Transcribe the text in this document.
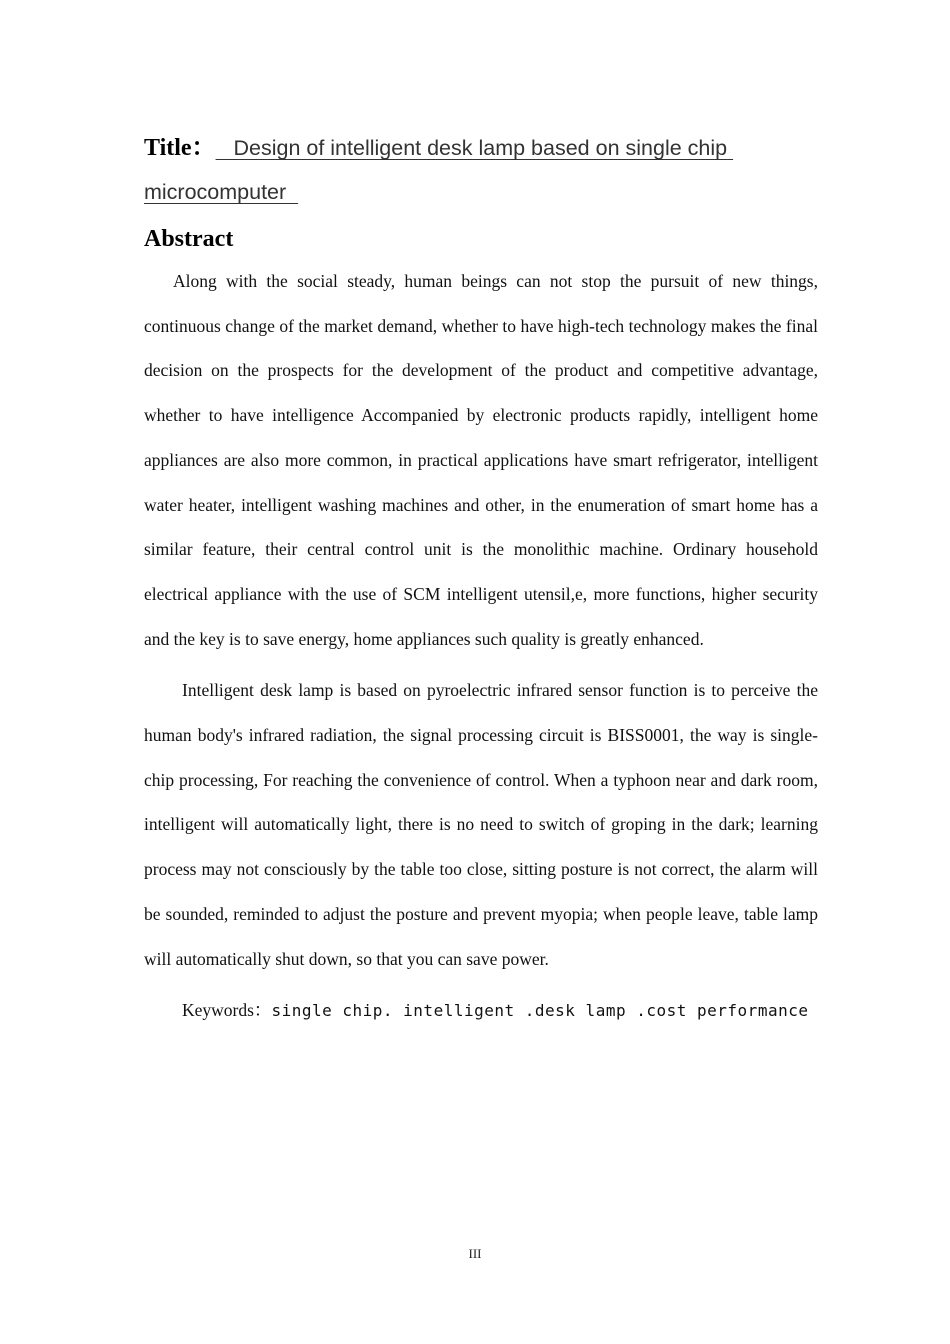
Title：   Design of intelligent desk lamp based on single chip microcomputer

Abstract

Along with the social steady, human beings can not stop the pursuit of new things, continuous change of the market demand, whether to have high-tech technology makes the final decision on the prospects for the development of the product and competitive advantage, whether to have intelligence Accompanied by electronic products rapidly, intelligent home appliances are also more common, in practical applications have smart refrigerator, intelligent water heater, intelligent washing machines and other, in the enumeration of smart home has a similar feature, their central control unit is the monolithic machine. Ordinary household electrical appliance with the use of SCM intelligent utensil,e, more functions, higher security and the key is to save energy, home appliances such quality is greatly enhanced.

Intelligent desk lamp is based on pyroelectric infrared sensor function is to perceive the human body's infrared radiation, the signal processing circuit is BISS0001, the way is single-chip processing, For reaching the convenience of control. When a typhoon near and dark room, intelligent will automatically light, there is no need to switch of groping in the dark; learning process may not consciously by the table too close, sitting posture is not correct, the alarm will be sounded, reminded to adjust the posture and prevent myopia; when people leave, table lamp will automatically shut down, so that you can save power.

Keywords：single chip. intelligent .desk lamp .cost performance
III
